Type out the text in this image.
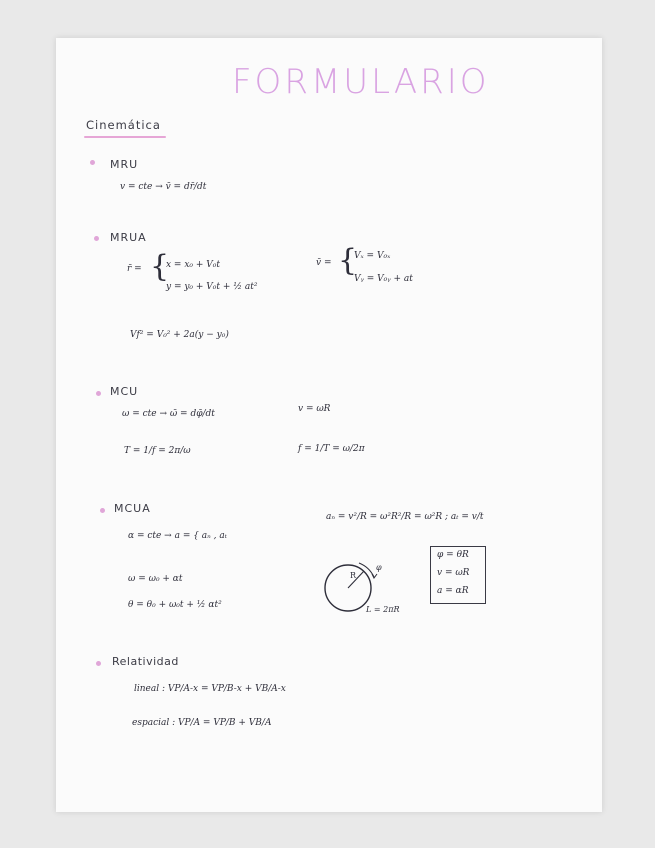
FORMULARIO
Cinemática
MRU
v = cte → v̄ = dr̄/dt
MRUA
r̄ = {
x = x₀ + V₀t
y = y₀ + V₀t + ½ at²
v̄ = {
Vₓ = V₀ₓ
Vᵧ = V₀ᵧ + at
Vf² = V₀² + 2a(y − y₀)
MCU
ω = cte → ω̄ = dφ̄/dt	v = ωR
T = 1/f = 2π/ω	f = 1/T = ω/2π
MCUA
α = cte → a = { aₙ , aₜ
aₙ = v²/R = ω²R²/R = ω²R ; aₜ = v/t
ω = ω₀ + αt
θ = θ₀ + ω₀t + ½ αt²
R
φ
L = 2πR
φ = θR
v = ωR
a = αR
Relatividad
lineal : VP/A-x = VP/B-x + VB/A-x
espacial : VP/A = VP/B + VB/A
